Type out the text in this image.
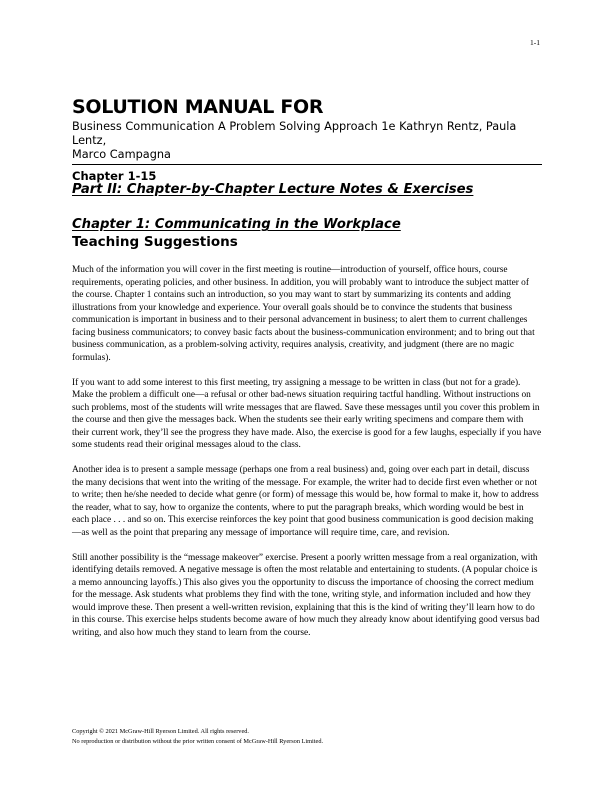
1-1
SOLUTION MANUAL FOR
Business Communication A Problem Solving Approach 1e Kathryn Rentz, Paula Lentz,
Marco Campagna
Chapter 1-15
Part II: Chapter-by-Chapter Lecture Notes & Exercises
Chapter 1: Communicating in the Workplace
Teaching Suggestions

Much of the information you will cover in the first meeting is routine—introduction of yourself, office hours, course requirements, operating policies, and other business. In addition, you will probably want to introduce the subject matter of the course. Chapter 1 contains such an introduction, so you may want to start by summarizing its contents and adding illustrations from your knowledge and experience. Your overall goals should be to convince the students that business communication is important in business and to their personal advancement in business; to alert them to current challenges facing business communicators; to convey basic facts about the business-communication environment; and to bring out that business communication, as a problem-solving activity, requires analysis, creativity, and judgment (there are no magic formulas).

If you want to add some interest to this first meeting, try assigning a message to be written in class (but not for a grade). Make the problem a difficult one—a refusal or other bad-news situation requiring tactful handling. Without instructions on such problems, most of the students will write messages that are flawed. Save these messages until you cover this problem in the course and then give the messages back. When the students see their early writing specimens and compare them with their current work, they’ll see the progress they have made. Also, the exercise is good for a few laughs, especially if you have some students read their original messages aloud to the class.

Another idea is to present a sample message (perhaps one from a real business) and, going over each part in detail, discuss the many decisions that went into the writing of the message. For example, the writer had to decide first even whether or not to write; then he/she needed to decide what genre (or form) of message this would be, how formal to make it, how to address the reader, what to say, how to organize the contents, where to put the paragraph breaks, which wording would be best in each place . . . and so on. This exercise reinforces the key point that good business communication is good decision making—as well as the point that preparing any message of importance will require time, care, and revision.

Still another possibility is the “message makeover” exercise. Present a poorly written message from a real organization, with identifying details removed. A negative message is often the most relatable and entertaining to students. (A popular choice is a memo announcing layoffs.) This also gives you the opportunity to discuss the importance of choosing the correct medium for the message. Ask students what problems they find with the tone, writing style, and information included and how they would improve these. Then present a well-written revision, explaining that this is the kind of writing they’ll learn how to do in this course. This exercise helps students become aware of how much they already know about identifying good versus bad writing, and also how much they stand to learn from the course.

Copyright © 2021 McGraw-Hill Ryerson Limited. All rights reserved.
No reproduction or distribution without the prior written consent of McGraw-Hill Ryerson Limited.
